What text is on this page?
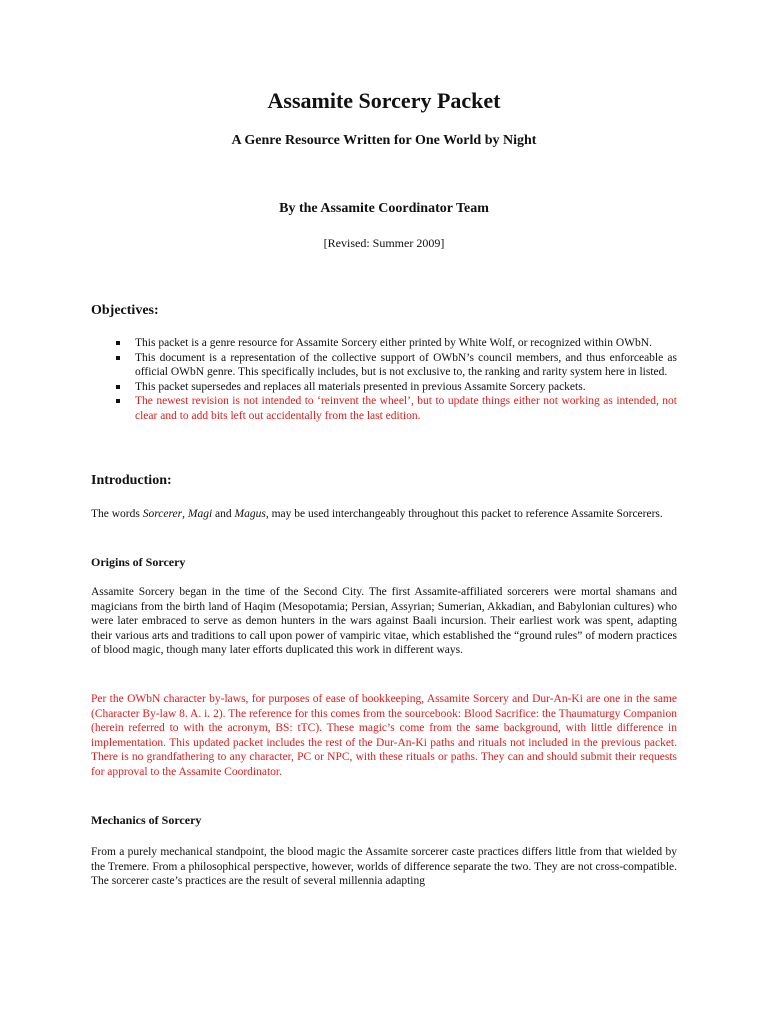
Assamite Sorcery Packet

A Genre Resource Written for One World by Night

By the Assamite Coordinator Team

[Revised: Summer 2009]

Objectives:
This packet is a genre resource for Assamite Sorcery either printed by White Wolf, or recognized within OWbN.
This document is a representation of the collective support of OWbN’s council members, and thus enforceable as official OWbN genre. This specifically includes, but is not exclusive to, the ranking and rarity system here in listed.
This packet supersedes and replaces all materials presented in previous Assamite Sorcery packets.
The newest revision is not intended to ‘reinvent the wheel’, but to update things either not working as intended, not clear and to add bits left out accidentally from the last edition.
Introduction:

The words Sorcerer, Magi and Magus, may be used interchangeably throughout this packet to reference Assamite Sorcerers.

Origins of Sorcery

Assamite Sorcery began in the time of the Second City. The first Assamite-affiliated sorcerers were mortal shamans and magicians from the birth land of Haqim (Mesopotamia; Persian, Assyrian; Sumerian, Akkadian, and Babylonian cultures) who were later embraced to serve as demon hunters in the wars against Baali incursion. Their earliest work was spent, adapting their various arts and traditions to call upon power of vampiric vitae, which established the “ground rules” of modern practices of blood magic, though many later efforts duplicated this work in different ways.

Per the OWbN character by-laws, for purposes of ease of bookkeeping, Assamite Sorcery and Dur-An-Ki are one in the same (Character By-law 8. A. i. 2). The reference for this comes from the sourcebook: Blood Sacrifice: the Thaumaturgy Companion (herein referred to with the acronym, BS: tTC). These magic’s come from the same background, with little difference in implementation. This updated packet includes the rest of the Dur-An-Ki paths and rituals not included in the previous packet. There is no grandfathering to any character, PC or NPC, with these rituals or paths. They can and should submit their requests for approval to the Assamite Coordinator.

Mechanics of Sorcery

From a purely mechanical standpoint, the blood magic the Assamite sorcerer caste practices differs little from that wielded by the Tremere. From a philosophical perspective, however, worlds of difference separate the two. They are not cross-compatible. The sorcerer caste’s practices are the result of several millennia adapting
